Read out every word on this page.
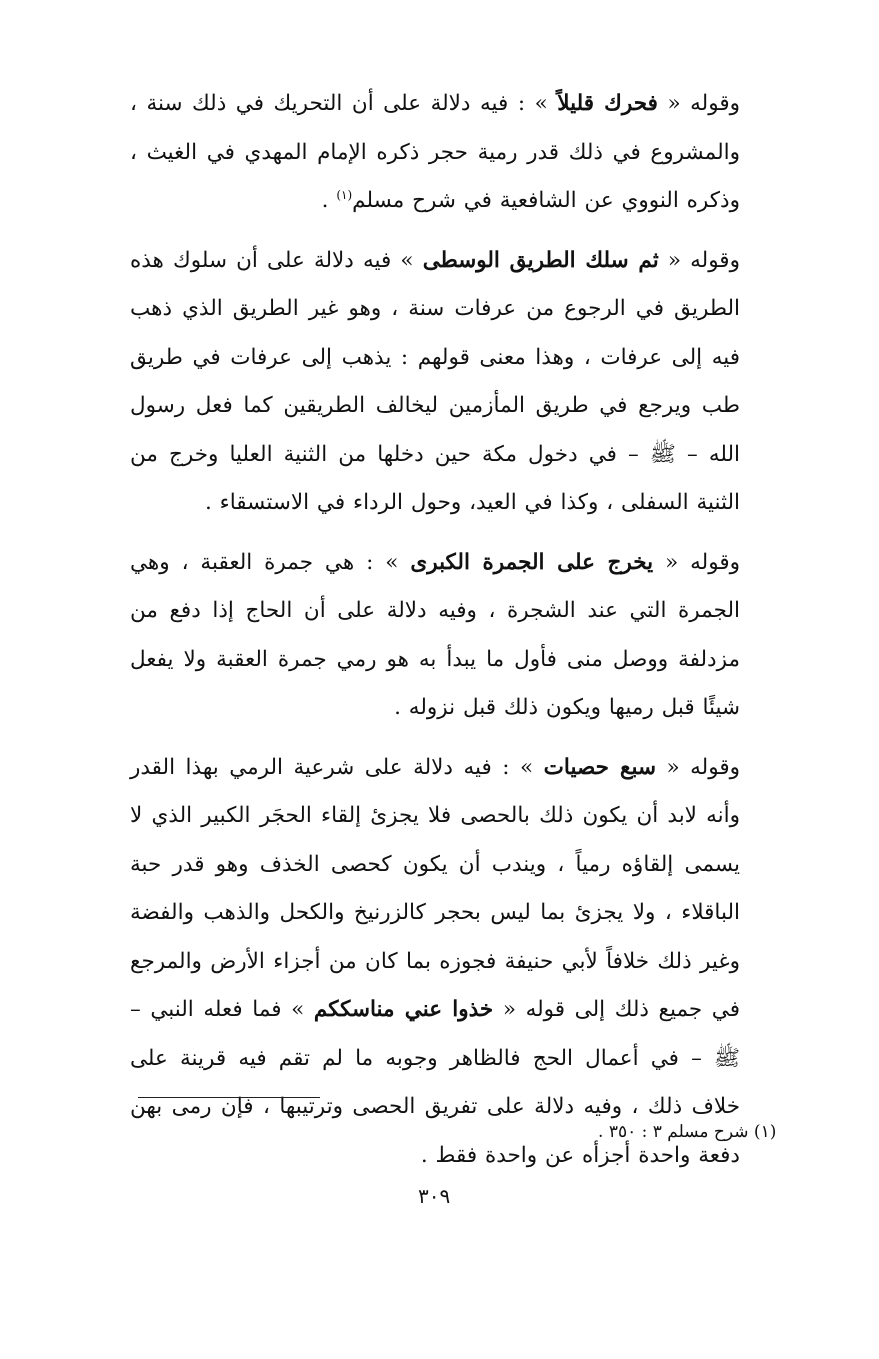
وقوله « فحرك قليلاً » : فيه دلالة على أن التحريك في ذلك سنة ، والمشروع في ذلك قدر رمية حجر ذكره الإمام المهدي في الغيث ، وذكره النووي عن الشافعية في شرح مسلم$^{(١)}$ .

وقوله « ثم سلك الطريق الوسطى » فيه دلالة على أن سلوك هذه الطريق في الرجوع من عرفات سنة ، وهو غير الطريق الذي ذهب فيه إلى عرفات ، وهذا معنى قولهم : يذهب إلى عرفات في طريق طب ويرجع في طريق المأزمين ليخالف الطريقين كما فعل رسول الله – ﷺ – في دخول مكة حين دخلها من الثنية العليا وخرج من الثنية السفلى ، وكذا في العيد، وحول الرداء في الاستسقاء .

وقوله « يخرج على الجمرة الكبرى » : هي جمرة العقبة ، وهي الجمرة التي عند الشجرة ، وفيه دلالة على أن الحاج إذا دفع من مزدلفة ووصل منى فأول ما يبدأ به هو رمي جمرة العقبة ولا يفعل شيئًا قبل رميها ويكون ذلك قبل نزوله .

وقوله « سبع حصيات » : فيه دلالة على شرعية الرمي بهذا القدر وأنه لابد أن يكون ذلك بالحصى فلا يجزئ إلقاء الحجَر الكبير الذي لا يسمى إلقاؤه رمياً ، ويندب أن يكون كحصى الخذف وهو قدر حبة الباقلاء ، ولا يجزئ بما ليس بحجر كالزرنيخ والكحل والذهب والفضة وغير ذلك خلافاً لأبي حنيفة فجوزه بما كان من أجزاء الأرض والمرجع في جميع ذلك إلى قوله « خذوا عني مناسككم » فما فعله النبي – ﷺ – في أعمال الحج فالظاهر وجوبه ما لم تقم فيه قرينة على خلاف ذلك ، وفيه دلالة على تفريق الحصى وترتيبها ، فإن رمى بهن دفعة واحدة أجزأه عن واحدة فقط .

(١) شرح مسلم ٣ : ٣٥٠ .
٣٠٩
